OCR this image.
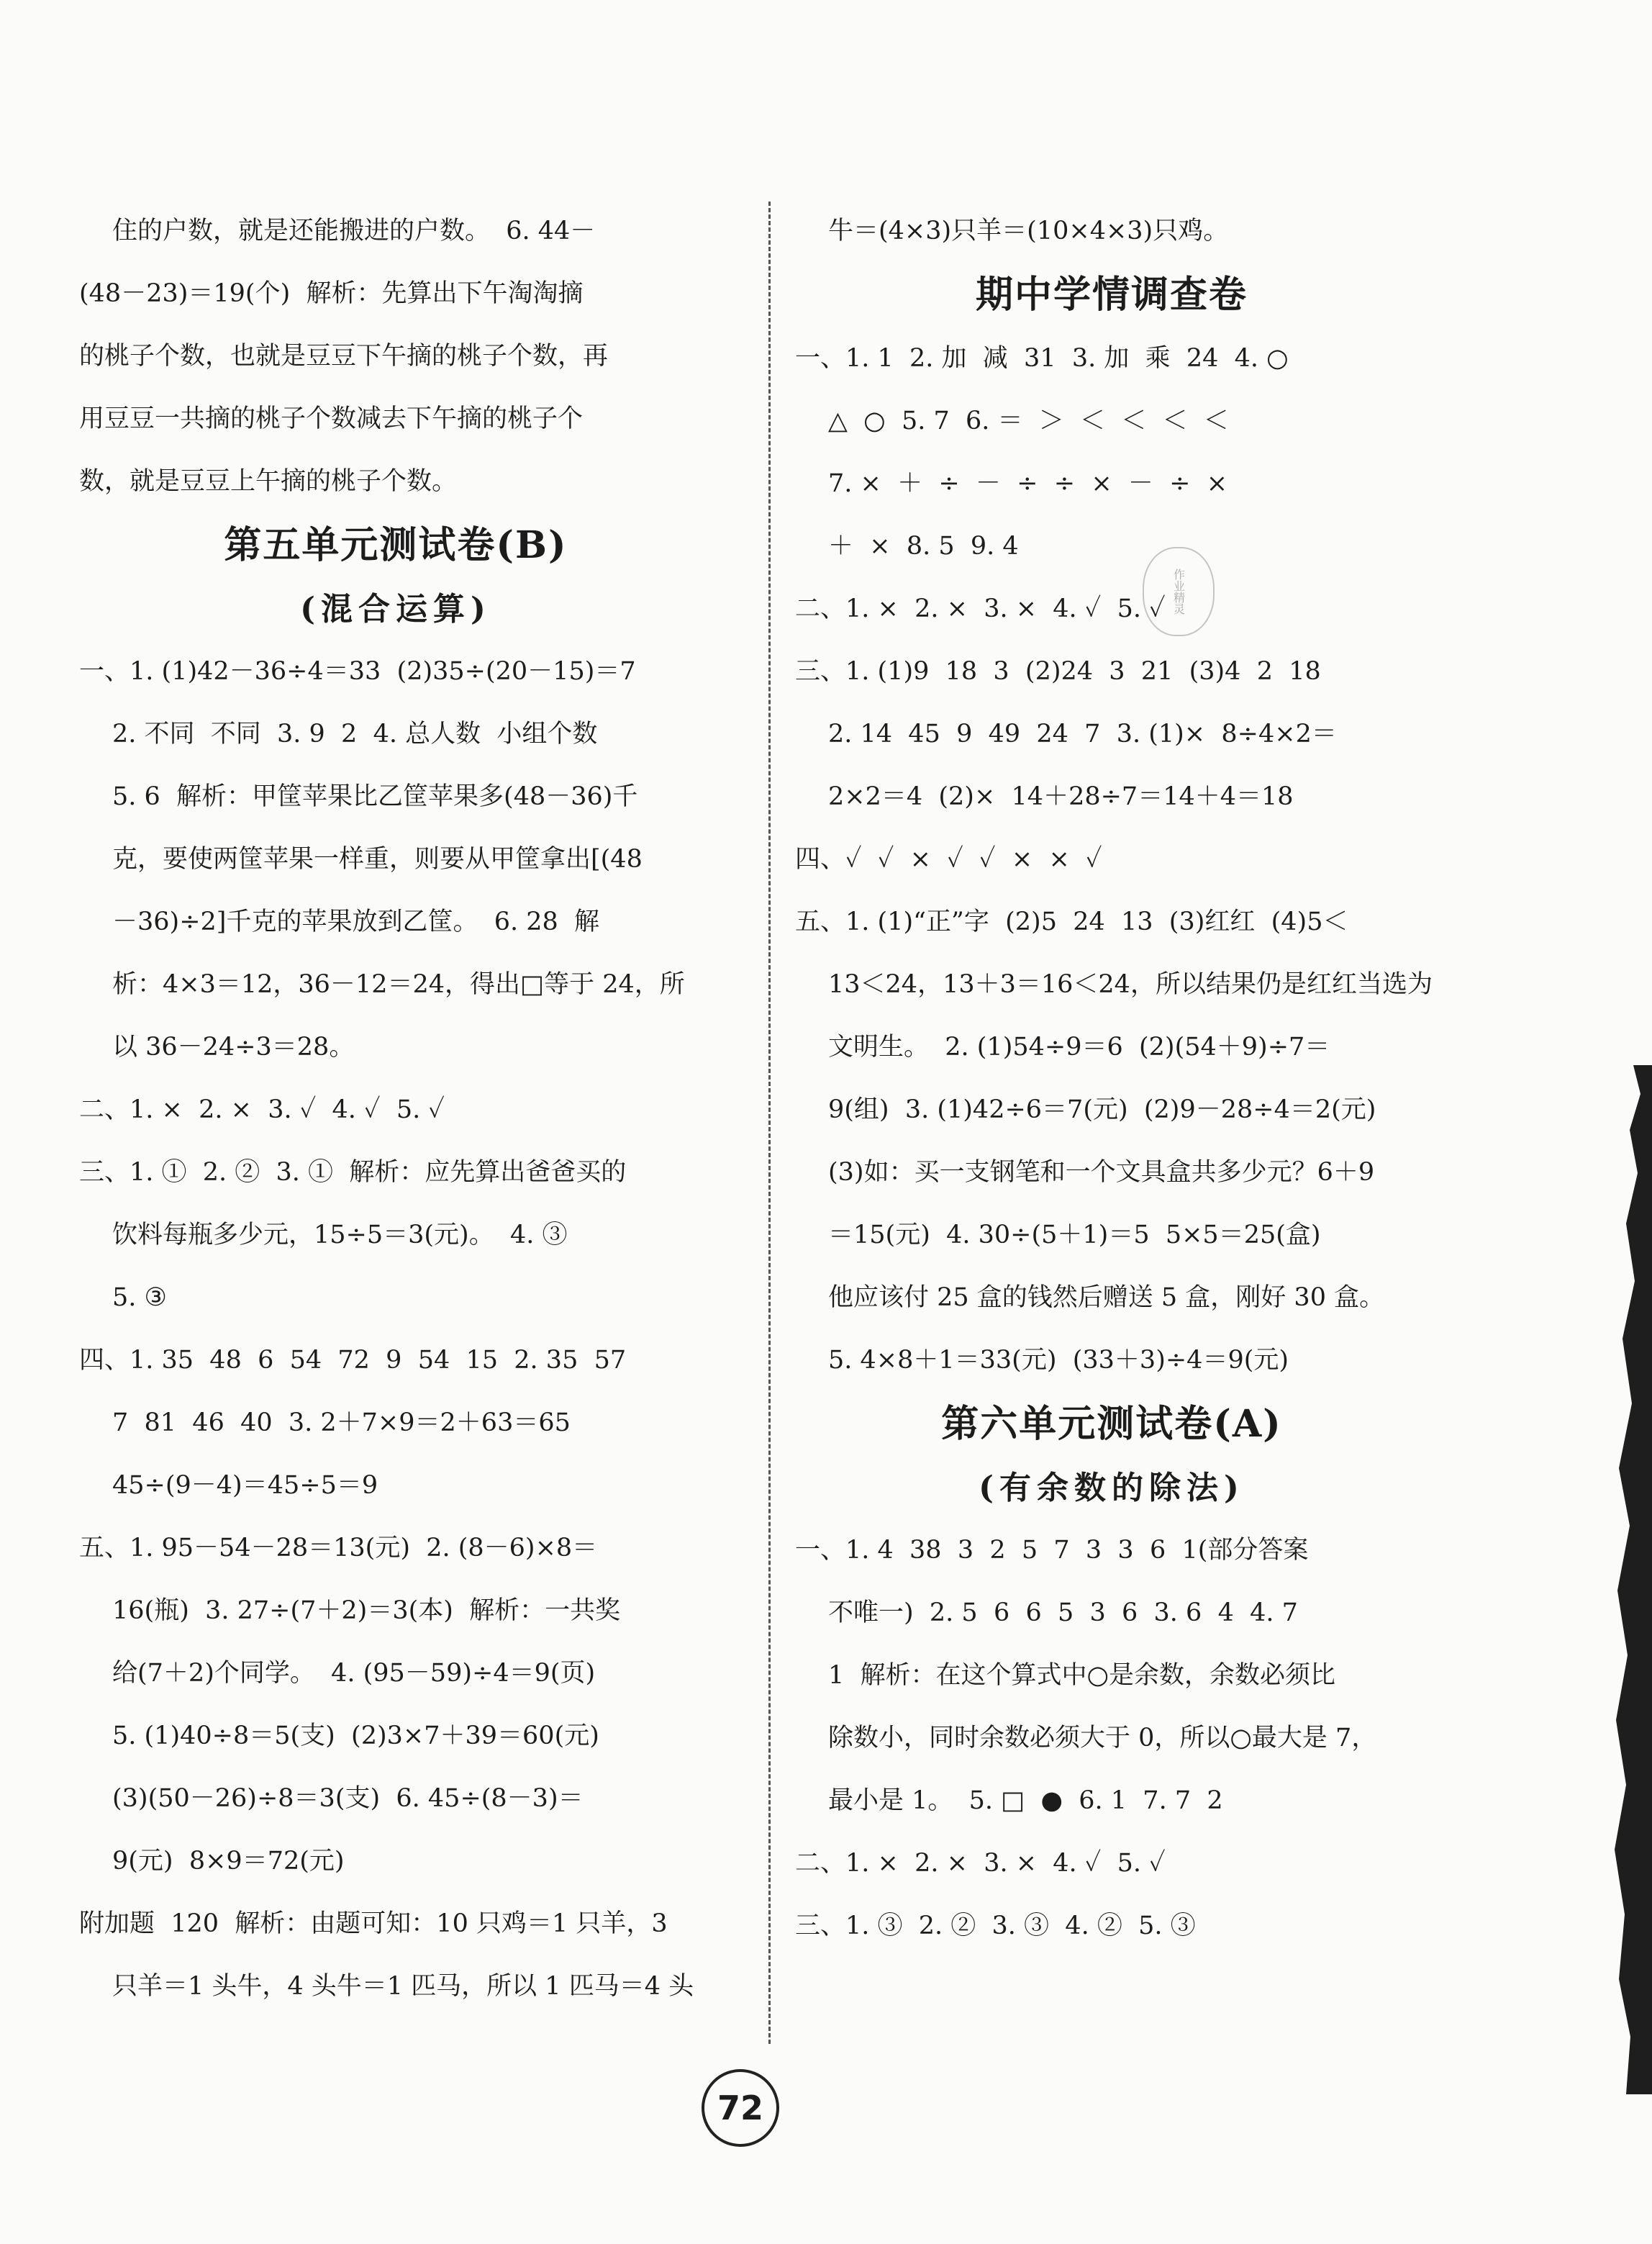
住的户数，就是还能搬进的户数。  6. 44－
(48－23)＝19(个)  解析：先算出下午淘淘摘
的桃子个数，也就是豆豆下午摘的桃子个数，再
用豆豆一共摘的桃子个数减去下午摘的桃子个
数，就是豆豆上午摘的桃子个数。
第五单元测试卷(B)
(混合运算)
一、1. (1)42－36÷4＝33  (2)35÷(20－15)＝7
2. 不同  不同  3. 9  2  4. 总人数  小组个数
5. 6  解析：甲筐苹果比乙筐苹果多(48－36)千
克，要使两筐苹果一样重，则要从甲筐拿出[(48
－36)÷2]千克的苹果放到乙筐。  6. 28  解
析：4×3＝12，36－12＝24，得出□等于 24，所
以 36－24÷3＝28。
二、1. ×  2. ×  3. ✓  4. ✓  5. ✓
三、1. ①  2. ②  3. ①  解析：应先算出爸爸买的
饮料每瓶多少元，15÷5＝3(元)。  4. ③
5. ③
四、1. 35  48  6  54  72  9  54  15  2. 35  57
7  81  46  40  3. 2＋7×9＝2＋63＝65
45÷(9－4)＝45÷5＝9
五、1. 95－54－28＝13(元)  2. (8－6)×8＝
16(瓶)  3. 27÷(7＋2)＝3(本)  解析：一共奖
给(7＋2)个同学。  4. (95－59)÷4＝9(页)
5. (1)40÷8＝5(支)  (2)3×7＋39＝60(元)
(3)(50－26)÷8＝3(支)  6. 45÷(8－3)＝
9(元)  8×9＝72(元)
附加题  120  解析：由题可知：10 只鸡＝1 只羊，3
只羊＝1 头牛，4 头牛＝1 匹马，所以 1 匹马＝4 头
牛＝(4×3)只羊＝(10×4×3)只鸡。
期中学情调查卷
一、1. 1  2. 加  减  31  3. 加  乘  24  4. ○
△  ○  5. 7  6. ＝  ＞  ＜  ＜  ＜  ＜
7. ×  ＋  ÷  －  ÷  ÷  ×  －  ÷  ×
＋  ×  8. 5  9. 4
二、1. ×  2. ×  3. ×  4. ✓  5. ✓
三、1. (1)9  18  3  (2)24  3  21  (3)4  2  18
2. 14  45  9  49  24  7  3. (1)×  8÷4×2＝
2×2＝4  (2)×  14＋28÷7＝14＋4＝18
四、✓  ✓  ×  ✓  ✓  ×  ×  ✓
五、1. (1)“正”字  (2)5  24  13  (3)红红  (4)5＜
13＜24，13＋3＝16＜24，所以结果仍是红红当选为
文明生。  2. (1)54÷9＝6  (2)(54＋9)÷7＝
9(组)  3. (1)42÷6＝7(元)  (2)9－28÷4＝2(元)
(3)如：买一支钢笔和一个文具盒共多少元？6＋9
＝15(元)  4. 30÷(5＋1)＝5  5×5＝25(盒)
他应该付 25 盒的钱然后赠送 5 盒，刚好 30 盒。
5. 4×8＋1＝33(元)  (33＋3)÷4＝9(元)
第六单元测试卷(A)
(有余数的除法)
一、1. 4  38  3  2  5  7  3  3  6  1(部分答案
不唯一)  2. 5  6  6  5  3  6  3. 6  4  4. 7
1  解析：在这个算式中○是余数，余数必须比
除数小，同时余数必须大于 0，所以○最大是 7，
最小是 1。  5. □  ●  6. 1  7. 7  2
二、1. ×  2. ×  3. ×  4. ✓  5. ✓
三、1. ③  2. ②  3. ③  4. ②  5. ③
作业精灵
72
